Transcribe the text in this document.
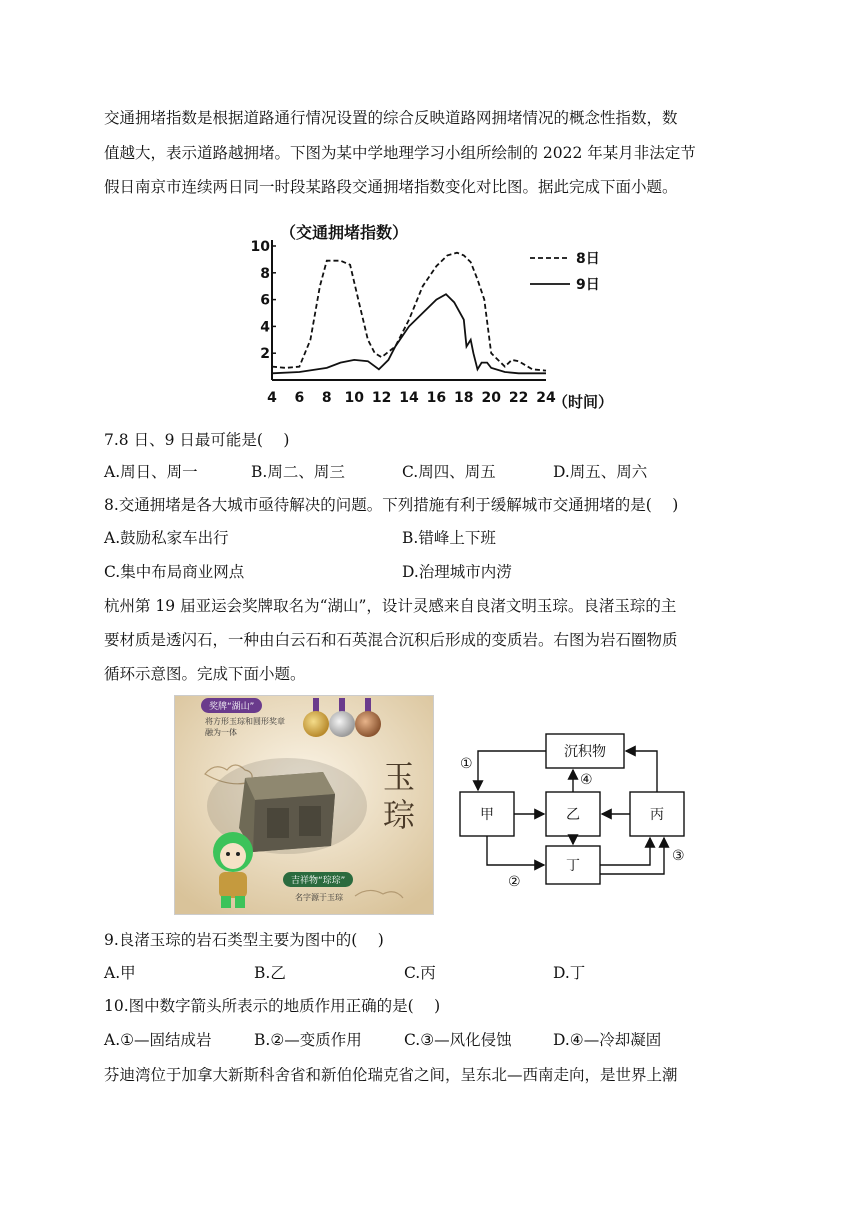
交通拥堵指数是根据道路通行情况设置的综合反映道路网拥堵情况的概念性指数，数
值越大，表示道路越拥堵。下图为某中学地理学习小组所绘制的 2022 年某月非法定节
假日南京市连续两日同一时段某路段交通拥堵指数变化对比图。据此完成下面小题。
（交通拥堵指数）
4 6 8 10 12 14 16 18 20 22 24
2
4
6
8
10
8日
9日
（时间）
7.8 日、9 日最可能是(　 )
A.周日、周一	B.周二、周三	C.周四、周五	D.周五、周六
8.交通拥堵是各大城市亟待解决的问题。下列措施有利于缓解城市交通拥堵的是(　 )
A.鼓励私家车出行	B.错峰上下班
C.集中布局商业网点	D.治理城市内涝
杭州第 19 届亚运会奖牌取名为“湖山”，设计灵感来自良渚文明玉琮。良渚玉琮的主
要材质是透闪石，一种由白云石和石英混合沉积后形成的变质岩。右图为岩石圈物质
循环示意图。完成下面小题。
奖牌“湖山”
将方形玉琮和圆形奖章融为一体
玉琮
吉祥物“琮琮”
名字源于玉琮
沉积物
甲	乙	丙
丁
①
②
③
④
9.良渚玉琮的岩石类型主要为图中的(　 )
A.甲	B.乙	C.丙	D.丁
10.图中数字箭头所表示的地质作用正确的是(　 )
A.①—固结成岩	B.②—变质作用	C.③—风化侵蚀	D.④—冷却凝固
芬迪湾位于加拿大新斯科舍省和新伯伦瑞克省之间，呈东北—西南走向，是世界上潮
